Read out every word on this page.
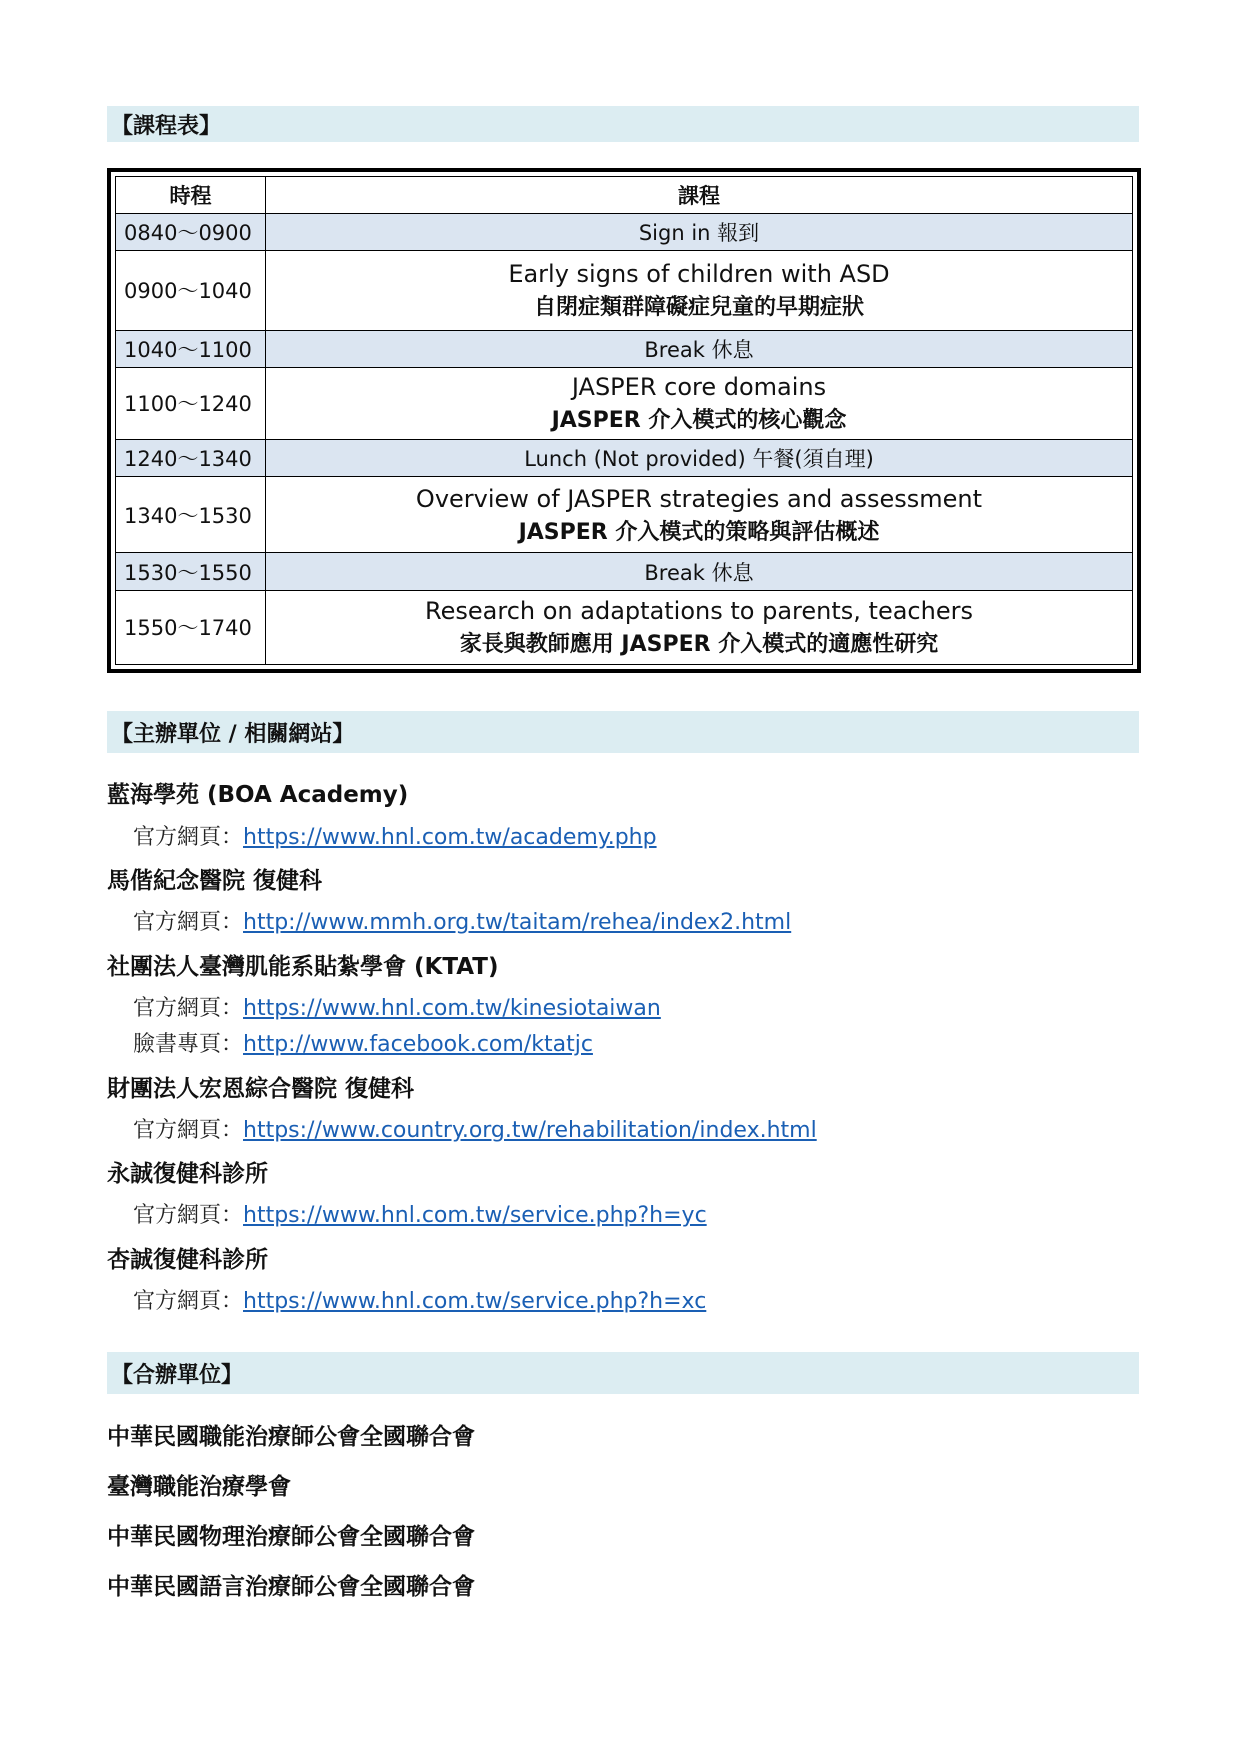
【課程表】
時程	課程
0840～0900	Sign in 報到
0900～1040	Early signs of children with ASD
自閉症類群障礙症兒童的早期症狀

1040～1100	Break 休息
1100～1240	JASPER core domains
JASPER 介入模式的核心觀念

1240～1340	Lunch (Not provided) 午餐(須自理)
1340～1530	Overview of JASPER strategies and assessment
JASPER 介入模式的策略與評估概述

1530～1550	Break 休息
1550～1740	Research on adaptations to parents, teachers
家長與教師應用 JASPER 介入模式的適應性研究
【主辦單位 / 相關網站】
藍海學苑 (BOA Academy)
官方網頁：https://www.hnl.com.tw/academy.php
馬偕紀念醫院 復健科
官方網頁：http://www.mmh.org.tw/taitam/rehea/index2.html
社團法人臺灣肌能系貼紮學會 (KTAT)
官方網頁：https://www.hnl.com.tw/kinesiotaiwan
臉書專頁：http://www.facebook.com/ktatjc
財團法人宏恩綜合醫院 復健科
官方網頁：https://www.country.org.tw/rehabilitation/index.html
永誠復健科診所
官方網頁：https://www.hnl.com.tw/service.php?h=yc
杏誠復健科診所
官方網頁：https://www.hnl.com.tw/service.php?h=xc
【合辦單位】
中華民國職能治療師公會全國聯合會
臺灣職能治療學會
中華民國物理治療師公會全國聯合會
中華民國語言治療師公會全國聯合會
